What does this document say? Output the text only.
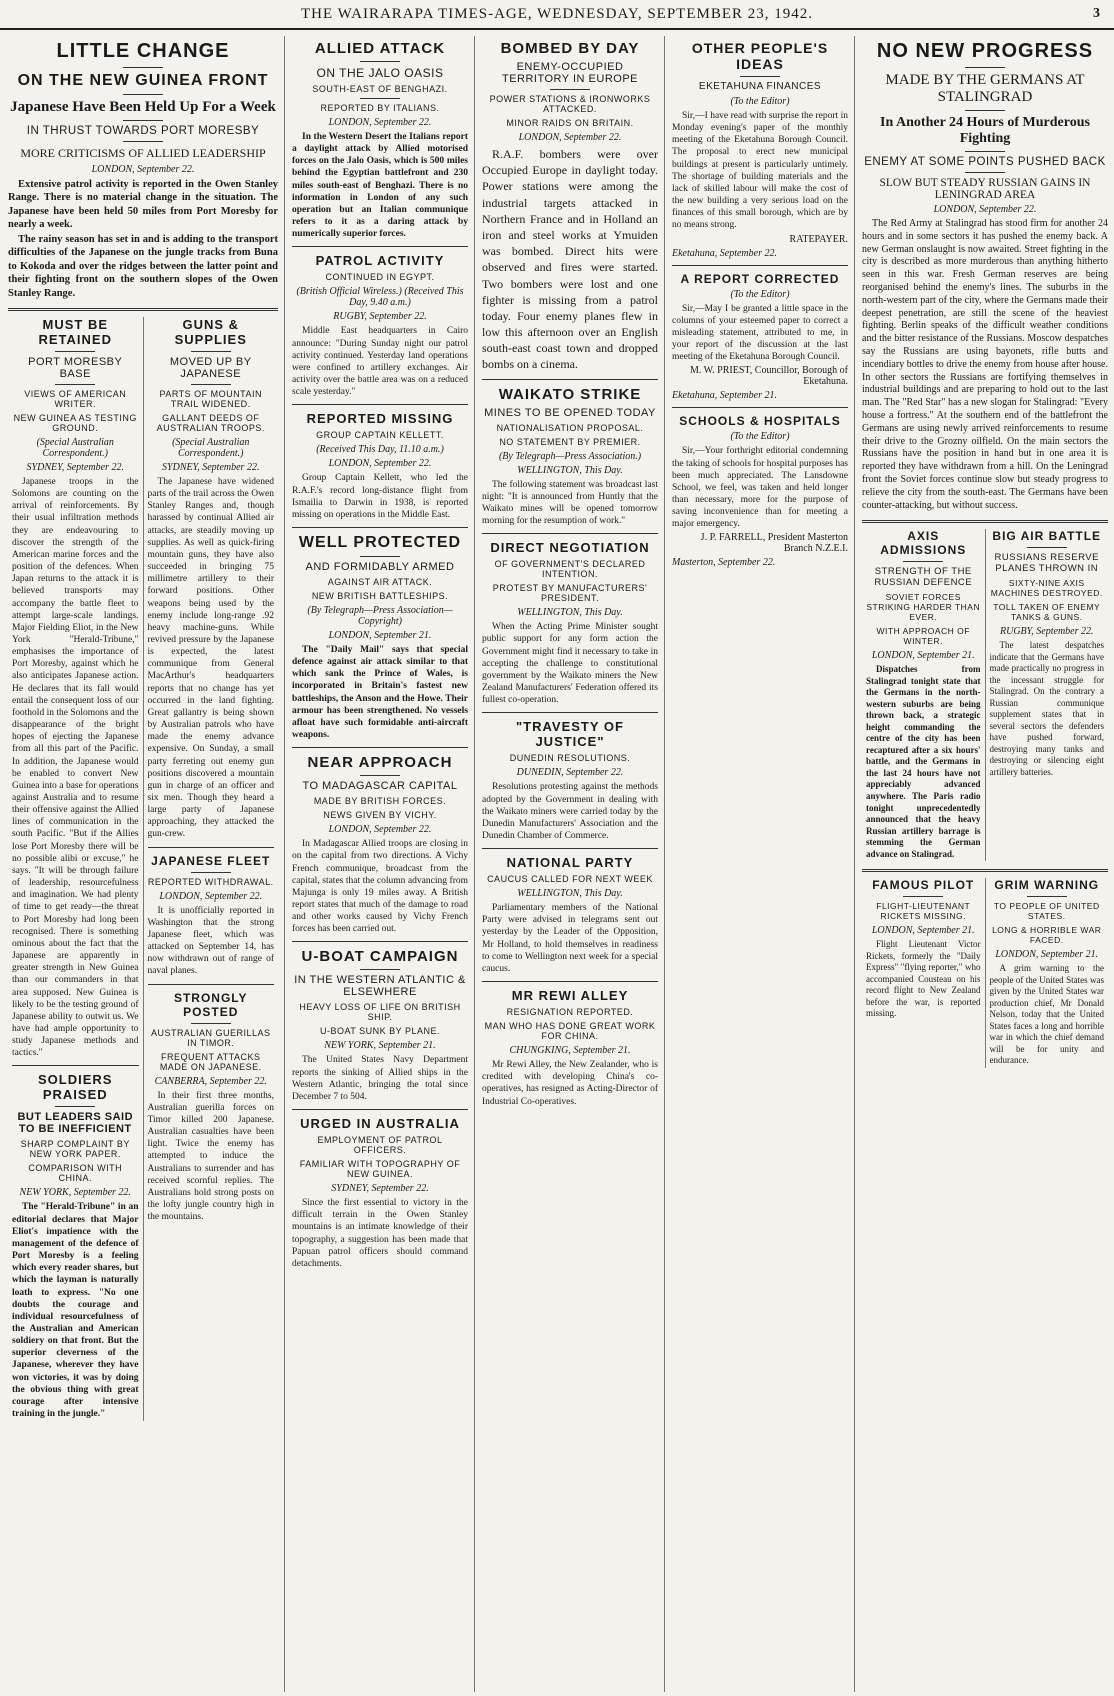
THE WAIRARAPA TIMES-AGE, WEDNESDAY, SEPTEMBER 23, 1942.	3
LITTLE CHANGE
ON THE NEW GUINEA FRONT
Japanese Have Been Held Up For a Week
IN THRUST TOWARDS PORT MORESBY
MORE CRITICISMS OF ALLIED LEADERSHIP
LONDON, September 22.

Extensive patrol activity is reported in the Owen Stanley Range. There is no material change in the situation. The Japanese have been held 50 miles from Port Moresby for nearly a week.

The rainy season has set in and is adding to the transport difficulties of the Japanese on the jungle tracks from Buna to Kokoda and over the ridges between the latter point and their fighting front on the southern slopes of the Owen Stanley Range.

MUST BE RETAINED
PORT MORESBY BASE
VIEWS OF AMERICAN WRITER.
NEW GUINEA AS TESTING GROUND.
(Special Australian Correspondent.)
SYDNEY, September 22.

Japanese troops in the Solomons are counting on the arrival of reinforcements. By their usual infiltration methods they are endeavouring to discover the strength of the American marine forces and the position of the defences. When Japan returns to the attack it is believed transports may accompany the battle fleet to attempt large-scale landings. Major Fielding Eliot, in the New York "Herald-Tribune," emphasises the importance of Port Moresby, against which he also anticipates Japanese action. He declares that its fall would entail the consequent loss of our foothold in the Solomons and the disappearance of the bright hopes of ejecting the Japanese from all this part of the Pacific. In addition, the Japanese would be enabled to convert New Guinea into a base for operations against Australia and to resume their offensive against the Allied lines of communication in the south Pacific. "But if the Allies lose Port Moresby there will be no possible alibi or excuse," he says. "It will be through failure of leadership, resourcefulness and imagination. We had plenty of time to get ready—the threat to Port Moresby had long been recognised. There is something ominous about the fact that the Japanese are apparently in greater strength in New Guinea than our commanders in that area supposed. New Guinea is likely to be the testing ground of Japanese ability to outwit us. We have had ample opportunity to study Japanese methods and tactics."

SOLDIERS PRAISED
BUT LEADERS SAID TO BE INEFFICIENT
SHARP COMPLAINT BY NEW YORK PAPER.
COMPARISON WITH CHINA.
NEW YORK, September 22.

The "Herald-Tribune" in an editorial declares that Major Eliot's impatience with the management of the defence of Port Moresby is a feeling which every reader shares, but which the layman is naturally loath to express. "No one doubts the courage and individual resourcefulness of the Australian and American soldiery on that front. But the superior cleverness of the Japanese, wherever they have won victories, it was by doing the obvious thing with great courage after intensive training in the jungle."

GUNS & SUPPLIES
MOVED UP BY JAPANESE
PARTS OF MOUNTAIN TRAIL WIDENED.
GALLANT DEEDS OF AUSTRALIAN TROOPS.
(Special Australian Correspondent.)
SYDNEY, September 22.

The Japanese have widened parts of the trail across the Owen Stanley Ranges and, though harassed by continual Allied air attacks, are steadily moving up supplies. As well as quick-firing mountain guns, they have also succeeded in bringing 75 millimetre artillery to their forward positions. Other weapons being used by the enemy include long-range .92 heavy machine-guns. While revived pressure by the Japanese is expected, the latest communique from General MacArthur's headquarters reports that no change has yet occurred in the land fighting. Great gallantry is being shown by Australian patrols who have made the enemy advance expensive. On Sunday, a small party ferreting out enemy gun positions discovered a mountain gun in charge of an officer and six men. Though they heard a large party of Japanese approaching, they attacked the gun-crew.

JAPANESE FLEET
REPORTED WITHDRAWAL.
LONDON, September 22.

It is unofficially reported in Washington that the strong Japanese fleet, which was attacked on September 14, has now withdrawn out of range of naval planes.

STRONGLY POSTED
AUSTRALIAN GUERILLAS IN TIMOR.
FREQUENT ATTACKS MADE ON JAPANESE.
CANBERRA, September 22.

In their first three months, Australian guerilla forces on Timor killed 200 Japanese. Australian casualties have been light. Twice the enemy has attempted to induce the Australians to surrender and has received scornful replies. The Australians hold strong posts on the lofty jungle country high in the mountains.

ALLIED ATTACK
ON THE JALO OASIS
SOUTH-EAST OF BENGHAZI.
REPORTED BY ITALIANS.
LONDON, September 22.

In the Western Desert the Italians report a daylight attack by Allied motorised forces on the Jalo Oasis, which is 500 miles behind the Egyptian battlefront and 230 miles south-east of Benghazi. There is no information in London of any such operation but an Italian communique refers to it as a daring attack by numerically superior forces.

PATROL ACTIVITY
CONTINUED IN EGYPT.
(British Official Wireless.) (Received This Day, 9.40 a.m.)
RUGBY, September 22.

Middle East headquarters in Cairo announce: "During Sunday night our patrol activity continued. Yesterday land operations were confined to artillery exchanges. Air activity over the battle area was on a reduced scale yesterday."

REPORTED MISSING
GROUP CAPTAIN KELLETT.
(Received This Day, 11.10 a.m.)
LONDON, September 22.

Group Captain Kellett, who led the R.A.F.'s record long-distance flight from Ismailia to Darwin in 1938, is reported missing on operations in the Middle East.

WELL PROTECTED
AND FORMIDABLY ARMED
AGAINST AIR ATTACK.
NEW BRITISH BATTLESHIPS.
(By Telegraph—Press Association—Copyright)
LONDON, September 21.

The "Daily Mail" says that special defence against air attack similar to that which sank the Prince of Wales, is incorporated in Britain's fastest new battleships, the Anson and the Howe. Their armour has been strengthened. No vessels afloat have such formidable anti-aircraft weapons.

NEAR APPROACH
TO MADAGASCAR CAPITAL
MADE BY BRITISH FORCES.
NEWS GIVEN BY VICHY.
LONDON, September 22.

In Madagascar Allied troops are closing in on the capital from two directions. A Vichy French communique, broadcast from the capital, states that the column advancing from Majunga is only 19 miles away. A British report states that much of the damage to road and other works caused by Vichy French forces has been carried out.

U-BOAT CAMPAIGN
IN THE WESTERN ATLANTIC & ELSEWHERE
HEAVY LOSS OF LIFE ON BRITISH SHIP.
U-BOAT SUNK BY PLANE.
NEW YORK, September 21.

The United States Navy Department reports the sinking of Allied ships in the Western Atlantic, bringing the total since December 7 to 504.

URGED IN AUSTRALIA
EMPLOYMENT OF PATROL OFFICERS.
FAMILIAR WITH TOPOGRAPHY OF NEW GUINEA.
SYDNEY, September 22.

Since the first essential to victory in the difficult terrain in the Owen Stanley mountains is an intimate knowledge of their topography, a suggestion has been made that Papuan patrol officers should command detachments.

BOMBED BY DAY
ENEMY-OCCUPIED TERRITORY IN EUROPE
POWER STATIONS & IRONWORKS ATTACKED.
MINOR RAIDS ON BRITAIN.
LONDON, September 22.

R.A.F. bombers were over Occupied Europe in daylight today. Power stations were among the industrial targets attacked in Northern France and in Holland an iron and steel works at Ymuiden was bombed. Direct hits were observed and fires were started. Two bombers were lost and one fighter is missing from a patrol today. Four enemy planes flew in low this afternoon over an English south-east coast town and dropped bombs on a cinema.

WAIKATO STRIKE
MINES TO BE OPENED TODAY
NATIONALISATION PROPOSAL.
NO STATEMENT BY PREMIER.
(By Telegraph—Press Association.)
WELLINGTON, This Day.

The following statement was broadcast last night: "It is announced from Huntly that the Waikato mines will be opened tomorrow morning for the resumption of work."

DIRECT NEGOTIATION
OF GOVERNMENT'S DECLARED INTENTION.
PROTEST BY MANUFACTURERS' PRESIDENT.
WELLINGTON, This Day.

When the Acting Prime Minister sought public support for any form action the Government might find it necessary to take in accepting the challenge to constitutional government by the Waikato miners the New Zealand Manufacturers' Federation offered its fullest co-operation.

"TRAVESTY OF JUSTICE"
DUNEDIN RESOLUTIONS.
DUNEDIN, September 22.

Resolutions protesting against the methods adopted by the Government in dealing with the Waikato miners were carried today by the Dunedin Manufacturers' Association and the Dunedin Chamber of Commerce.

NATIONAL PARTY
CAUCUS CALLED FOR NEXT WEEK
WELLINGTON, This Day.

Parliamentary members of the National Party were advised in telegrams sent out yesterday by the Leader of the Opposition, Mr Holland, to hold themselves in readiness to come to Wellington next week for a special caucus.

MR REWI ALLEY
RESIGNATION REPORTED.
MAN WHO HAS DONE GREAT WORK FOR CHINA.
CHUNGKING, September 21.

Mr Rewi Alley, the New Zealander, who is credited with developing China's co-operatives, has resigned as Acting-Director of Industrial Co-operatives.

OTHER PEOPLE'S IDEAS
EKETAHUNA FINANCES
(To the Editor)

Sir,—I have read with surprise the report in Monday evening's paper of the monthly meeting of the Eketahuna Borough Council. The proposal to erect new municipal buildings at present is particularly untimely. The shortage of building materials and the lack of skilled labour will make the cost of the new building a very serious load on the finances of this small borough, which are by no means strong.

RATEPAYER.
Eketahuna, September 22.
A REPORT CORRECTED
(To the Editor)

Sir,—May I be granted a little space in the columns of your esteemed paper to correct a misleading statement, attributed to me, in your report of the discussion at the last meeting of the Eketahuna Borough Council.

M. W. PRIEST, Councillor, Borough of Eketahuna.
Eketahuna, September 21.
SCHOOLS & HOSPITALS
(To the Editor)

Sir,—Your forthright editorial condemning the taking of schools for hospital purposes has been much appreciated. The Lansdowne School, we feel, was taken and held longer than necessary, more for the purpose of saving inconvenience than for meeting a major emergency.

J. P. FARRELL, President Masterton Branch N.Z.E.I.
Masterton, September 22.
NO NEW PROGRESS
MADE BY THE GERMANS AT STALINGRAD
In Another 24 Hours of Murderous Fighting
ENEMY AT SOME POINTS PUSHED BACK
SLOW BUT STEADY RUSSIAN GAINS IN LENINGRAD AREA
LONDON, September 22.

The Red Army at Stalingrad has stood firm for another 24 hours and in some sectors it has pushed the enemy back. A new German onslaught is now awaited. Street fighting in the city is described as more murderous than anything hitherto seen in this war. Fresh German reserves are being reorganised behind the enemy's lines. The suburbs in the north-western part of the city, where the Germans made their deepest penetration, are still the scene of the heaviest fighting. Berlin speaks of the difficult weather conditions and the bitter resistance of the Russians. Moscow despatches say the Russians are using bayonets, rifle butts and incendiary bottles to drive the enemy from house after house. In other sectors the Russians are fortifying themselves in industrial buildings and are preparing to hold out to the last man. The "Red Star" has a new slogan for Stalingrad: "Every house a fortress." At the southern end of the battlefront the Germans are using newly arrived reinforcements to resume their drive to the Grozny oilfield. On the main sectors the Russians have the position in hand but in one area it is reported they have withdrawn from a hill. On the Leningrad front the Soviet forces continue slow but steady progress to relieve the city from the south-east. The Germans have been counter-attacking, but without success.

AXIS ADMISSIONS
STRENGTH OF THE RUSSIAN DEFENCE
SOVIET FORCES STRIKING HARDER THAN EVER.
WITH APPROACH OF WINTER.
LONDON, September 21.

Dispatches from Stalingrad tonight state that the Germans in the north-western suburbs are being thrown back, a strategic height commanding the centre of the city has been recaptured after a six hours' battle, and the Germans in the last 24 hours have not appreciably advanced anywhere. The Paris radio tonight unprecedentedly announced that the heavy Russian artillery barrage is stemming the German advance on Stalingrad.

BIG AIR BATTLE
RUSSIANS RESERVE PLANES THROWN IN
SIXTY-NINE AXIS MACHINES DESTROYED.
TOLL TAKEN OF ENEMY TANKS & GUNS.
RUGBY, September 22.

The latest despatches indicate that the Germans have made practically no progress in the incessant struggle for Stalingrad. On the contrary a Russian communique supplement states that in several sectors the defenders have pushed forward, destroying many tanks and destroying or silencing eight artillery batteries.

FAMOUS PILOT
FLIGHT-LIEUTENANT RICKETS MISSING.
LONDON, September 21.

Flight Lieutenant Victor Rickets, formerly the "Daily Express" "flying reporter," who accompanied Cousteau on his record flight to New Zealand before the war, is reported missing.

GRIM WARNING
TO PEOPLE OF UNITED STATES.
LONG & HORRIBLE WAR FACED.
LONDON, September 21.

A grim warning to the people of the United States was given by the United States war production chief, Mr Donald Nelson, today that the United States faces a long and horrible war in which the chief demand will be for unity and endurance.
